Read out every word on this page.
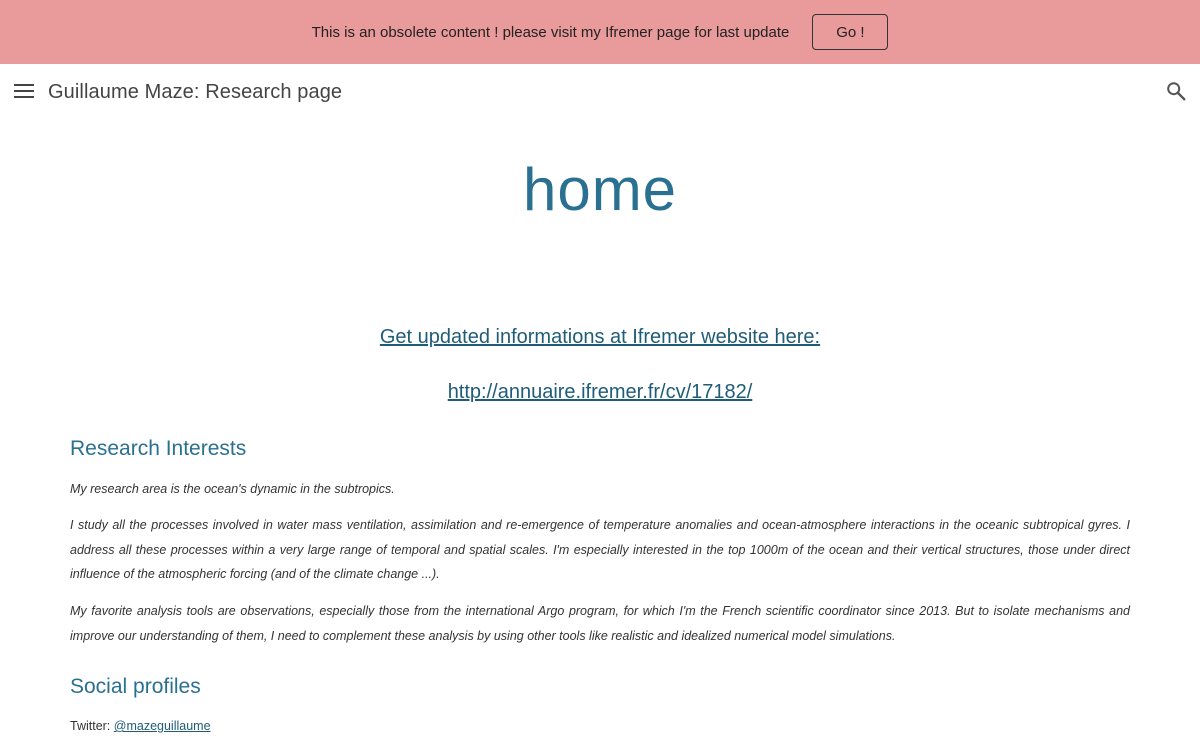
This is an obsolete content ! please visit my Ifremer page for last update	Go !
Guillaume Maze: Research page
home
Get updated informations at Ifremer website here:
http://annuaire.ifremer.fr/cv/17182/
Research Interests

My research area is the ocean's dynamic in the subtropics.

I study all the processes involved in water mass ventilation, assimilation and re-emergence of temperature anomalies and ocean-atmosphere interactions in the oceanic subtropical gyres. I address all these processes within a very large range of temporal and spatial scales. I'm especially interested in the top 1000m of the ocean and their vertical structures, those under direct influence of the atmospheric forcing (and of the climate change ...).

My favorite analysis tools are observations, especially those from the international Argo program, for which I'm the French scientific coordinator since 2013. But to isolate mechanisms and improve our understanding of them, I need to complement these analysis by using other tools like realistic and idealized numerical model simulations.

Social profiles
Twitter: @mazeguillaume
